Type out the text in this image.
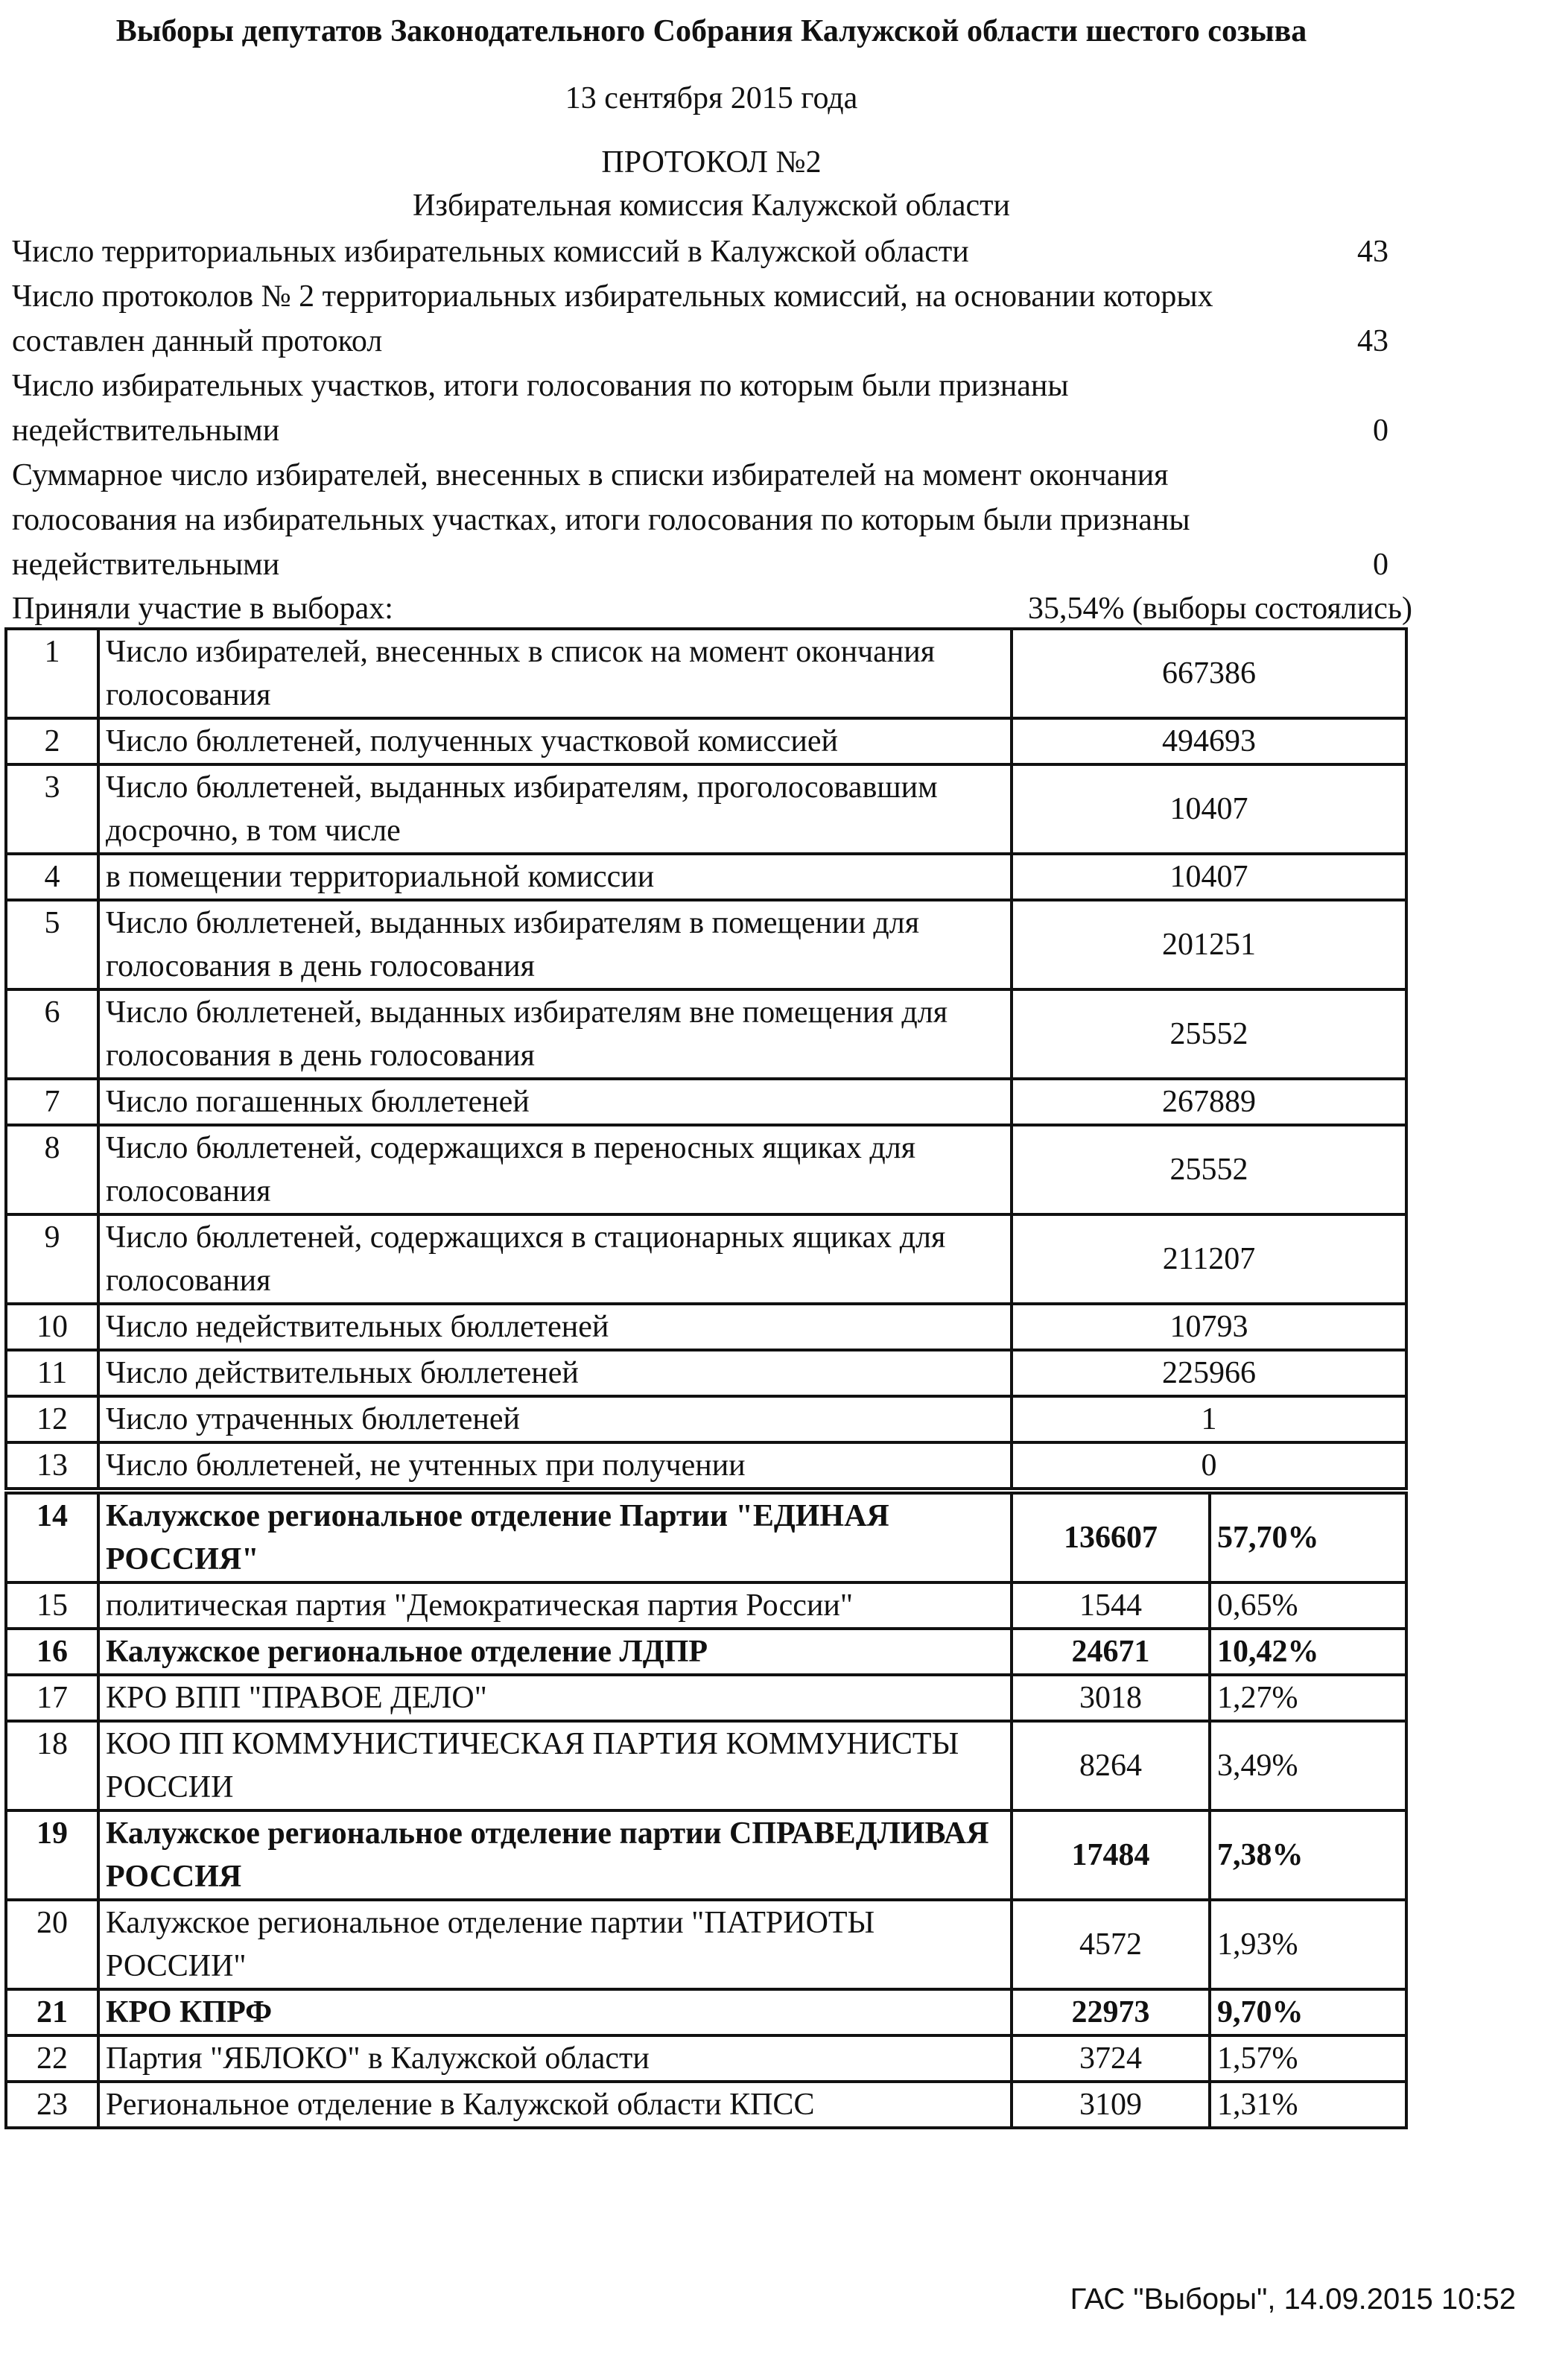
Выборы депутатов Законодательного Собрания Калужской области шестого созыва
13 сентября 2015 года
ПРОТОКОЛ №2
Избирательная комиссия Калужской области
Число территориальных избирательных комиссий в Калужской области	43
Число протоколов № 2 территориальных избирательных комиссий, на основании которых составлен данный протокол	43
Число избирательных участков, итоги голосования по которым были признаны недействительными	0
Суммарное число избирателей, внесенных в списки избирателей на момент окончания голосования на избирательных участках, итоги голосования по которым были признаны недействительными	0
Приняли участие в выборах:	35,54% (выборы состоялись)
1	Число избирателей, внесенных в список на момент окончания голосования	667386
2	Число бюллетеней, полученных участковой комиссией	494693
3	Число бюллетеней, выданных избирателям, проголосовавшим досрочно, в том числе	10407
4	в помещении территориальной комиссии	10407
5	Число бюллетеней, выданных избирателям в помещении для голосования в день голосования	201251
6	Число бюллетеней, выданных избирателям вне помещения для голосования в день голосования	25552
7	Число погашенных бюллетеней	267889
8	Число бюллетеней, содержащихся в переносных ящиках для голосования	25552
9	Число бюллетеней, содержащихся в стационарных ящиках для голосования	211207
10	Число недействительных бюллетеней	10793
11	Число действительных бюллетеней	225966
12	Число утраченных бюллетеней	1
13	Число бюллетеней, не учтенных при получении	0
14	Калужское региональное отделение Партии "ЕДИНАЯ РОССИЯ"	136607	57,70%
15	политическая партия "Демократическая партия России"	1544	0,65%
16	Калужское региональное отделение ЛДПР	24671	10,42%
17	КРО ВПП "ПРАВОЕ ДЕЛО"	3018	1,27%
18	КОО ПП КОММУНИСТИЧЕСКАЯ ПАРТИЯ КОММУНИСТЫ РОССИИ	8264	3,49%
19	Калужское региональное отделение партии СПРАВЕДЛИВАЯ РОССИЯ	17484	7,38%
20	Калужское региональное отделение партии "ПАТРИОТЫ РОССИИ"	4572	1,93%
21	КРО КПРФ	22973	9,70%
22	Партия "ЯБЛОКО" в Калужской области	3724	1,57%
23	Региональное отделение в Калужской области КПСС	3109	1,31%
ГАС "Выборы", 14.09.2015 10:52
